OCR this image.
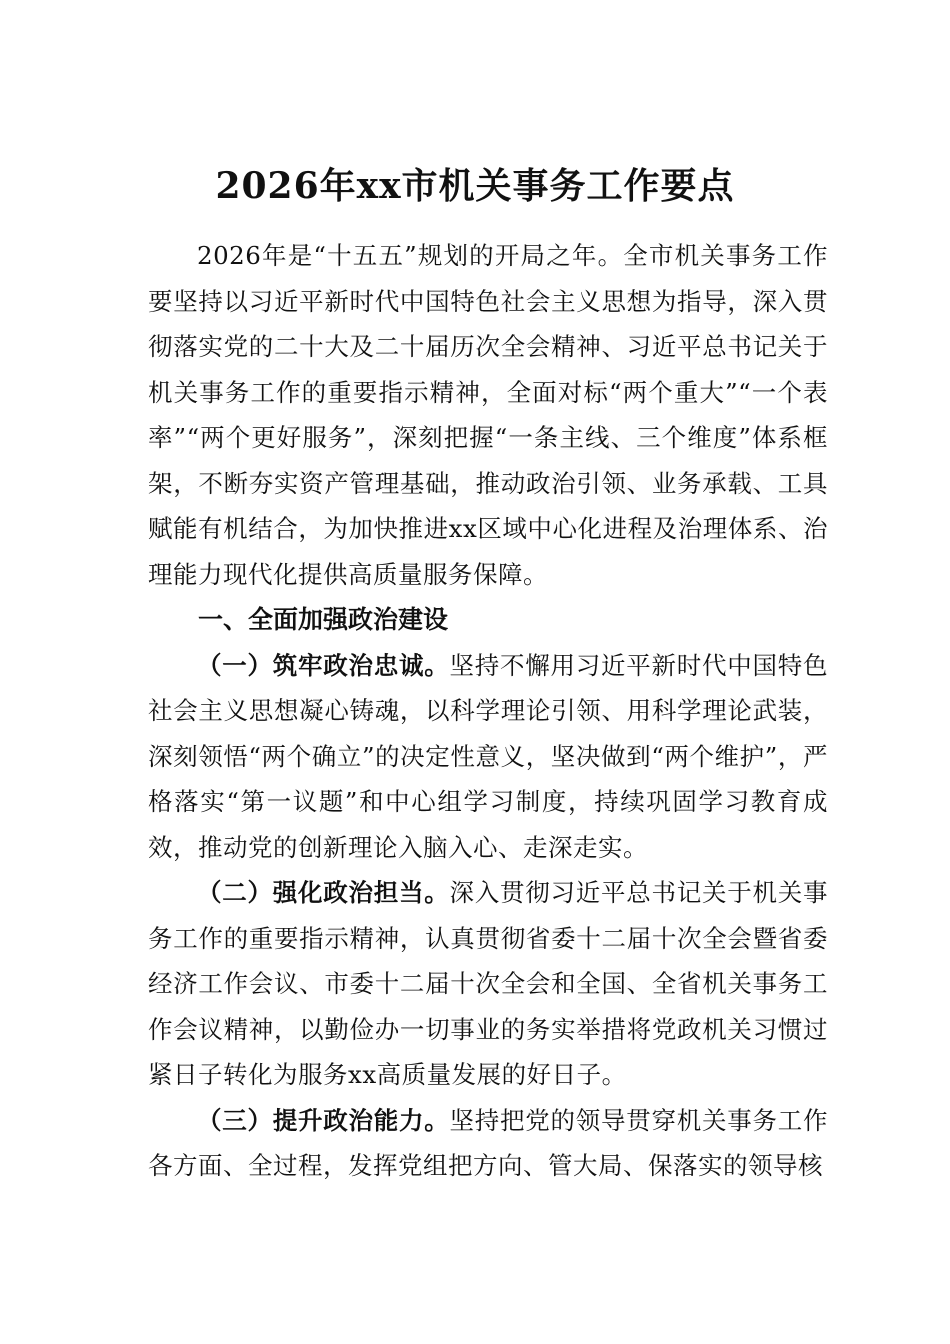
2026年xx市机关事务工作要点

2026年是“十五五”规划的开局之年。全市机关事务工作要坚持以习近平新时代中国特色社会主义思想为指导，深入贯彻落实党的二十大及二十届历次全会精神、习近平总书记关于机关事务工作的重要指示精神，全面对标“两个重大”“一个表率”“两个更好服务”，深刻把握“一条主线、三个维度”体系框架，不断夯实资产管理基础，推动政治引领、业务承载、工具赋能有机结合，为加快推进xx区域中心化进程及治理体系、治理能力现代化提供高质量服务保障。

一、全面加强政治建设

（一）筑牢政治忠诚。坚持不懈用习近平新时代中国特色社会主义思想凝心铸魂，以科学理论引领、用科学理论武装，深刻领悟“两个确立”的决定性意义，坚决做到“两个维护”，严格落实“第一议题”和中心组学习制度，持续巩固学习教育成效，推动党的创新理论入脑入心、走深走实。

（二）强化政治担当。深入贯彻习近平总书记关于机关事务工作的重要指示精神，认真贯彻省委十二届十次全会暨省委经济工作会议、市委十二届十次全会和全国、全省机关事务工作会议精神，以勤俭办一切事业的务实举措将党政机关习惯过紧日子转化为服务xx高质量发展的好日子。

（三）提升政治能力。坚持把党的领导贯穿机关事务工作各方面、全过程，发挥党组把方向、管大局、保落实的领导核
